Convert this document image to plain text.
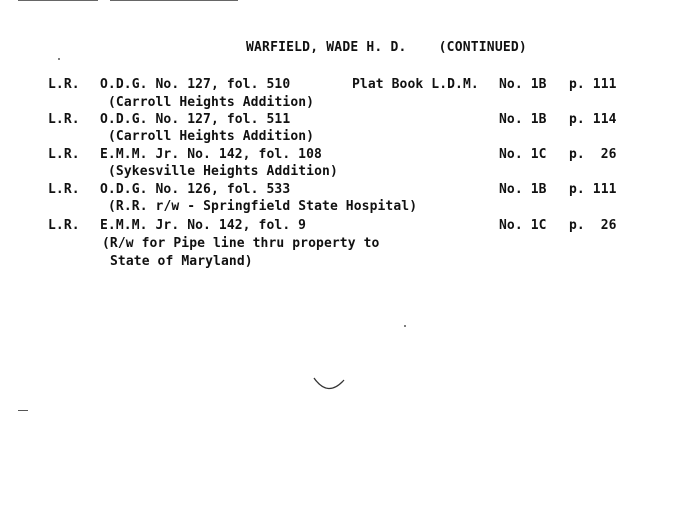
WARFIELD, WADE H. D.    (CONTINUED)
L.R. O.D.G. No. 127, fol. 510	Plat Book L.D.M. No. 1B p. 111
(Carroll Heights Addition)
L.R. O.D.G. No. 127, fol. 511	No. 1B p. 114
(Carroll Heights Addition)
L.R. E.M.M. Jr. No. 142, fol. 108	No. 1C p.  26
(Sykesville Heights Addition)
L.R. O.D.G. No. 126, fol. 533	No. 1B p. 111
(R.R. r/w - Springfield State Hospital)
L.R. E.M.M. Jr. No. 142, fol. 9	No. 1C p.  26
(R/w for Pipe line thru property to
State of Maryland)
